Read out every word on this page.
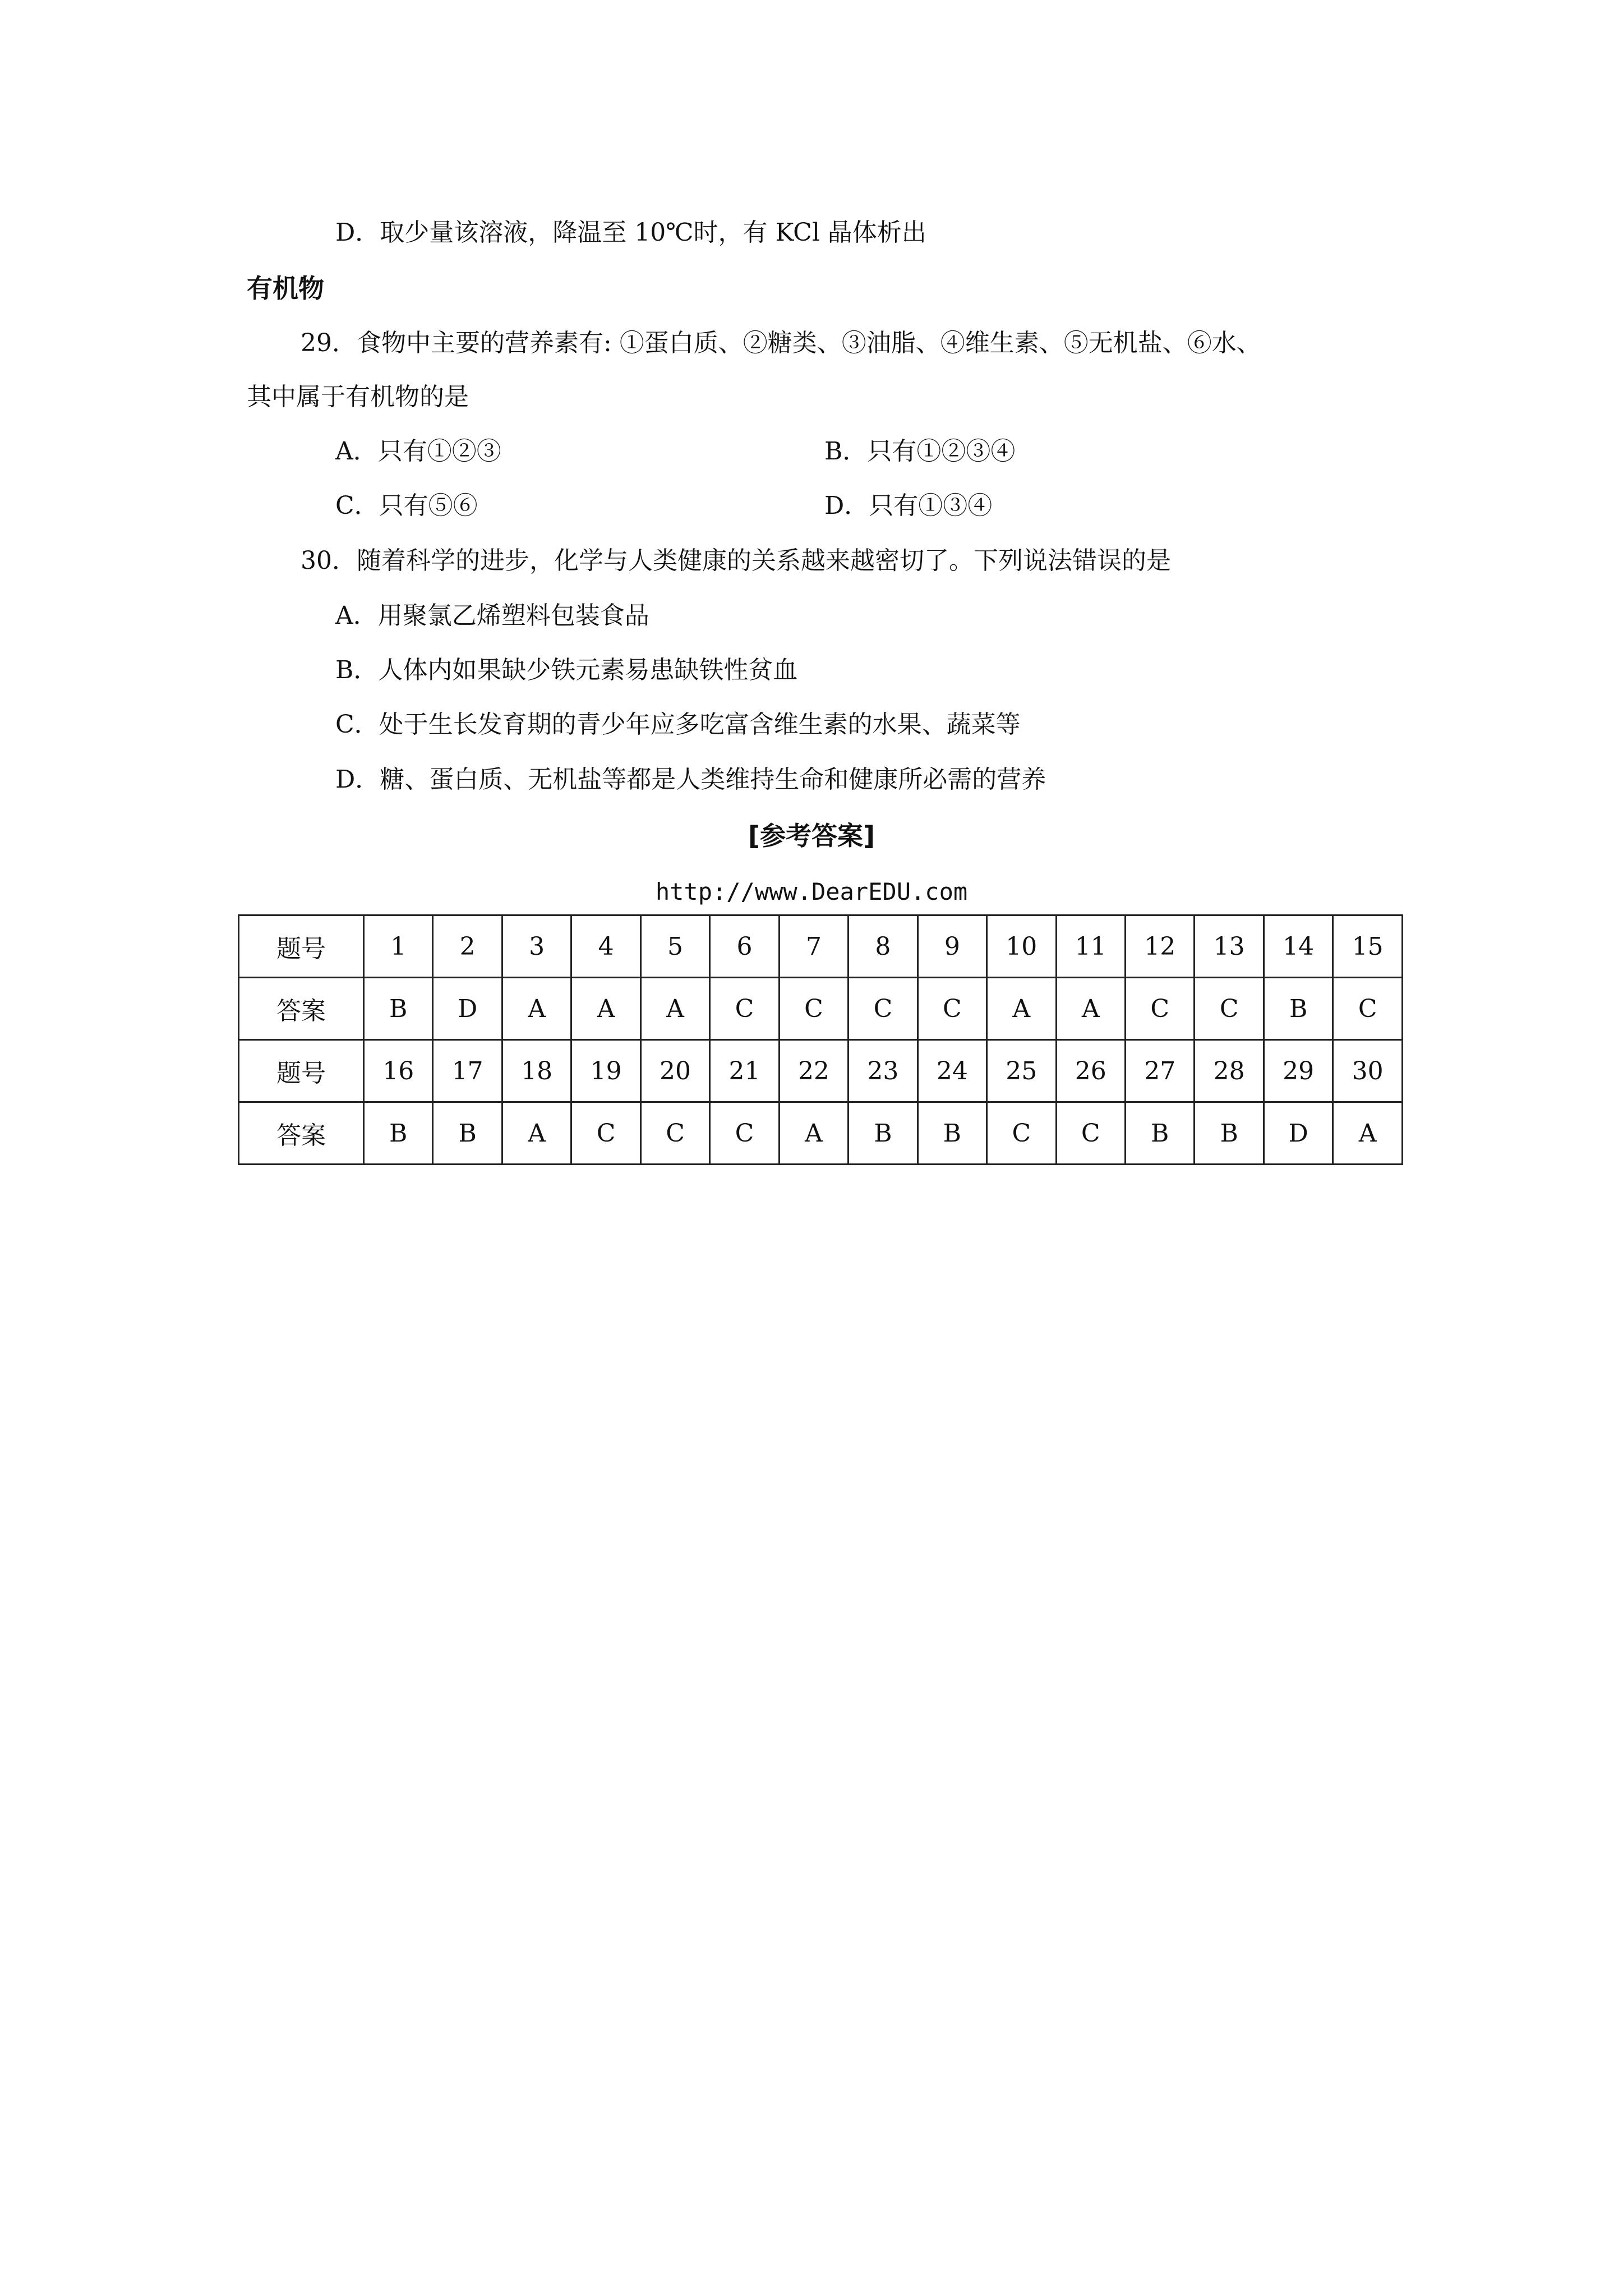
D．取少量该溶液，降温至 10℃时，有 KCl 晶体析出
有机物
29．食物中主要的营养素有: ①蛋白质、②糖类、③油脂、④维生素、⑤无机盐、⑥水、
其中属于有机物的是
A．只有①②③	B．只有①②③④
C．只有⑤⑥	D．只有①③④
30．随着科学的进步，化学与人类健康的关系越来越密切了。下列说法错误的是
A．用聚氯乙烯塑料包装食品
B．人体内如果缺少铁元素易患缺铁性贫血
C．处于生长发育期的青少年应多吃富含维生素的水果、蔬菜等
D．糖、蛋白质、无机盐等都是人类维持生命和健康所必需的营养
[参考答案]
http://www.DearEDU.com
题号	1	2	3	4	5	6	7	8	9	10	11	12	13	14	15
答案	B	D	A	A	A	C	C	C	C	A	A	C	C	B	C
题号	16	17	18	19	20	21	22	23	24	25	26	27	28	29	30
答案	B	B	A	C	C	C	A	B	B	C	C	B	B	D	A
